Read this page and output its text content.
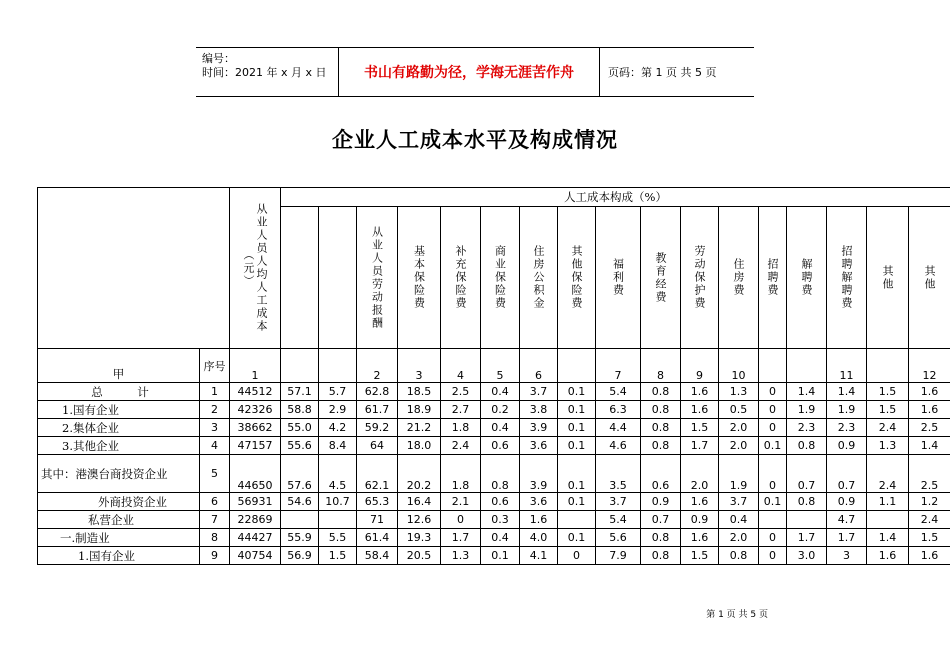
编号：
时间：2021 年 x 月 x 日	书山有路勤为径，学海无涯苦作舟	页码：第 1 页 共 5 页
企业人工成本水平及构成情况

		从业人员人均人工成本（元）	人工成本构成（%）																

					从业人员劳动报酬	基本保险费	补充保险费	商业保险费	住房公积金	其他保险费	福利费	教育经费	劳动保护费	住房费	招聘费	解聘费	招聘解聘费	其他	其他

甲	序号	1			2	3	4	5	6		7	8	9	10			11		12
总　　　计	1	44512	57.1	5.7	62.8	18.5	2.5	0.4	3.7	0.1	5.4	0.8	1.6	1.3	0	1.4	1.4	1.5	1.6
1.国有企业	2	42326	58.8	2.9	61.7	18.9	2.7	0.2	3.8	0.1	6.3	0.8	1.6	0.5	0	1.9	1.9	1.5	1.6
2.集体企业	3	38662	55.0	4.2	59.2	21.2	1.8	0.4	3.9	0.1	4.4	0.8	1.5	2.0	0	2.3	2.3	2.4	2.5
3.其他企业	4	47157	55.6	8.4	64	18.0	2.4	0.6	3.6	0.1	4.6	0.8	1.7	2.0	0.1	0.8	0.9	1.3	1.4
其中：港澳台商投资企业	5	44650	57.6	4.5	62.1	20.2	1.8	0.8	3.9	0.1	3.5	0.6	2.0	1.9	0	0.7	0.7	2.4	2.5
外商投资企业	6	56931	54.6	10.7	65.3	16.4	2.1	0.6	3.6	0.1	3.7	0.9	1.6	3.7	0.1	0.8	0.9	1.1	1.2
私营企业	7	22869			71	12.6	0	0.3	1.6		5.4	0.7	0.9	0.4			4.7		2.4
一.制造业	8	44427	55.9	5.5	61.4	19.3	1.7	0.4	4.0	0.1	5.6	0.8	1.6	2.0	0	1.7	1.7	1.4	1.5
1.国有企业	9	40754	56.9	1.5	58.4	20.5	1.3	0.1	4.1	0	7.9	0.8	1.5	0.8	0	3.0	3	1.6	1.6
第 1 页 共 5 页
